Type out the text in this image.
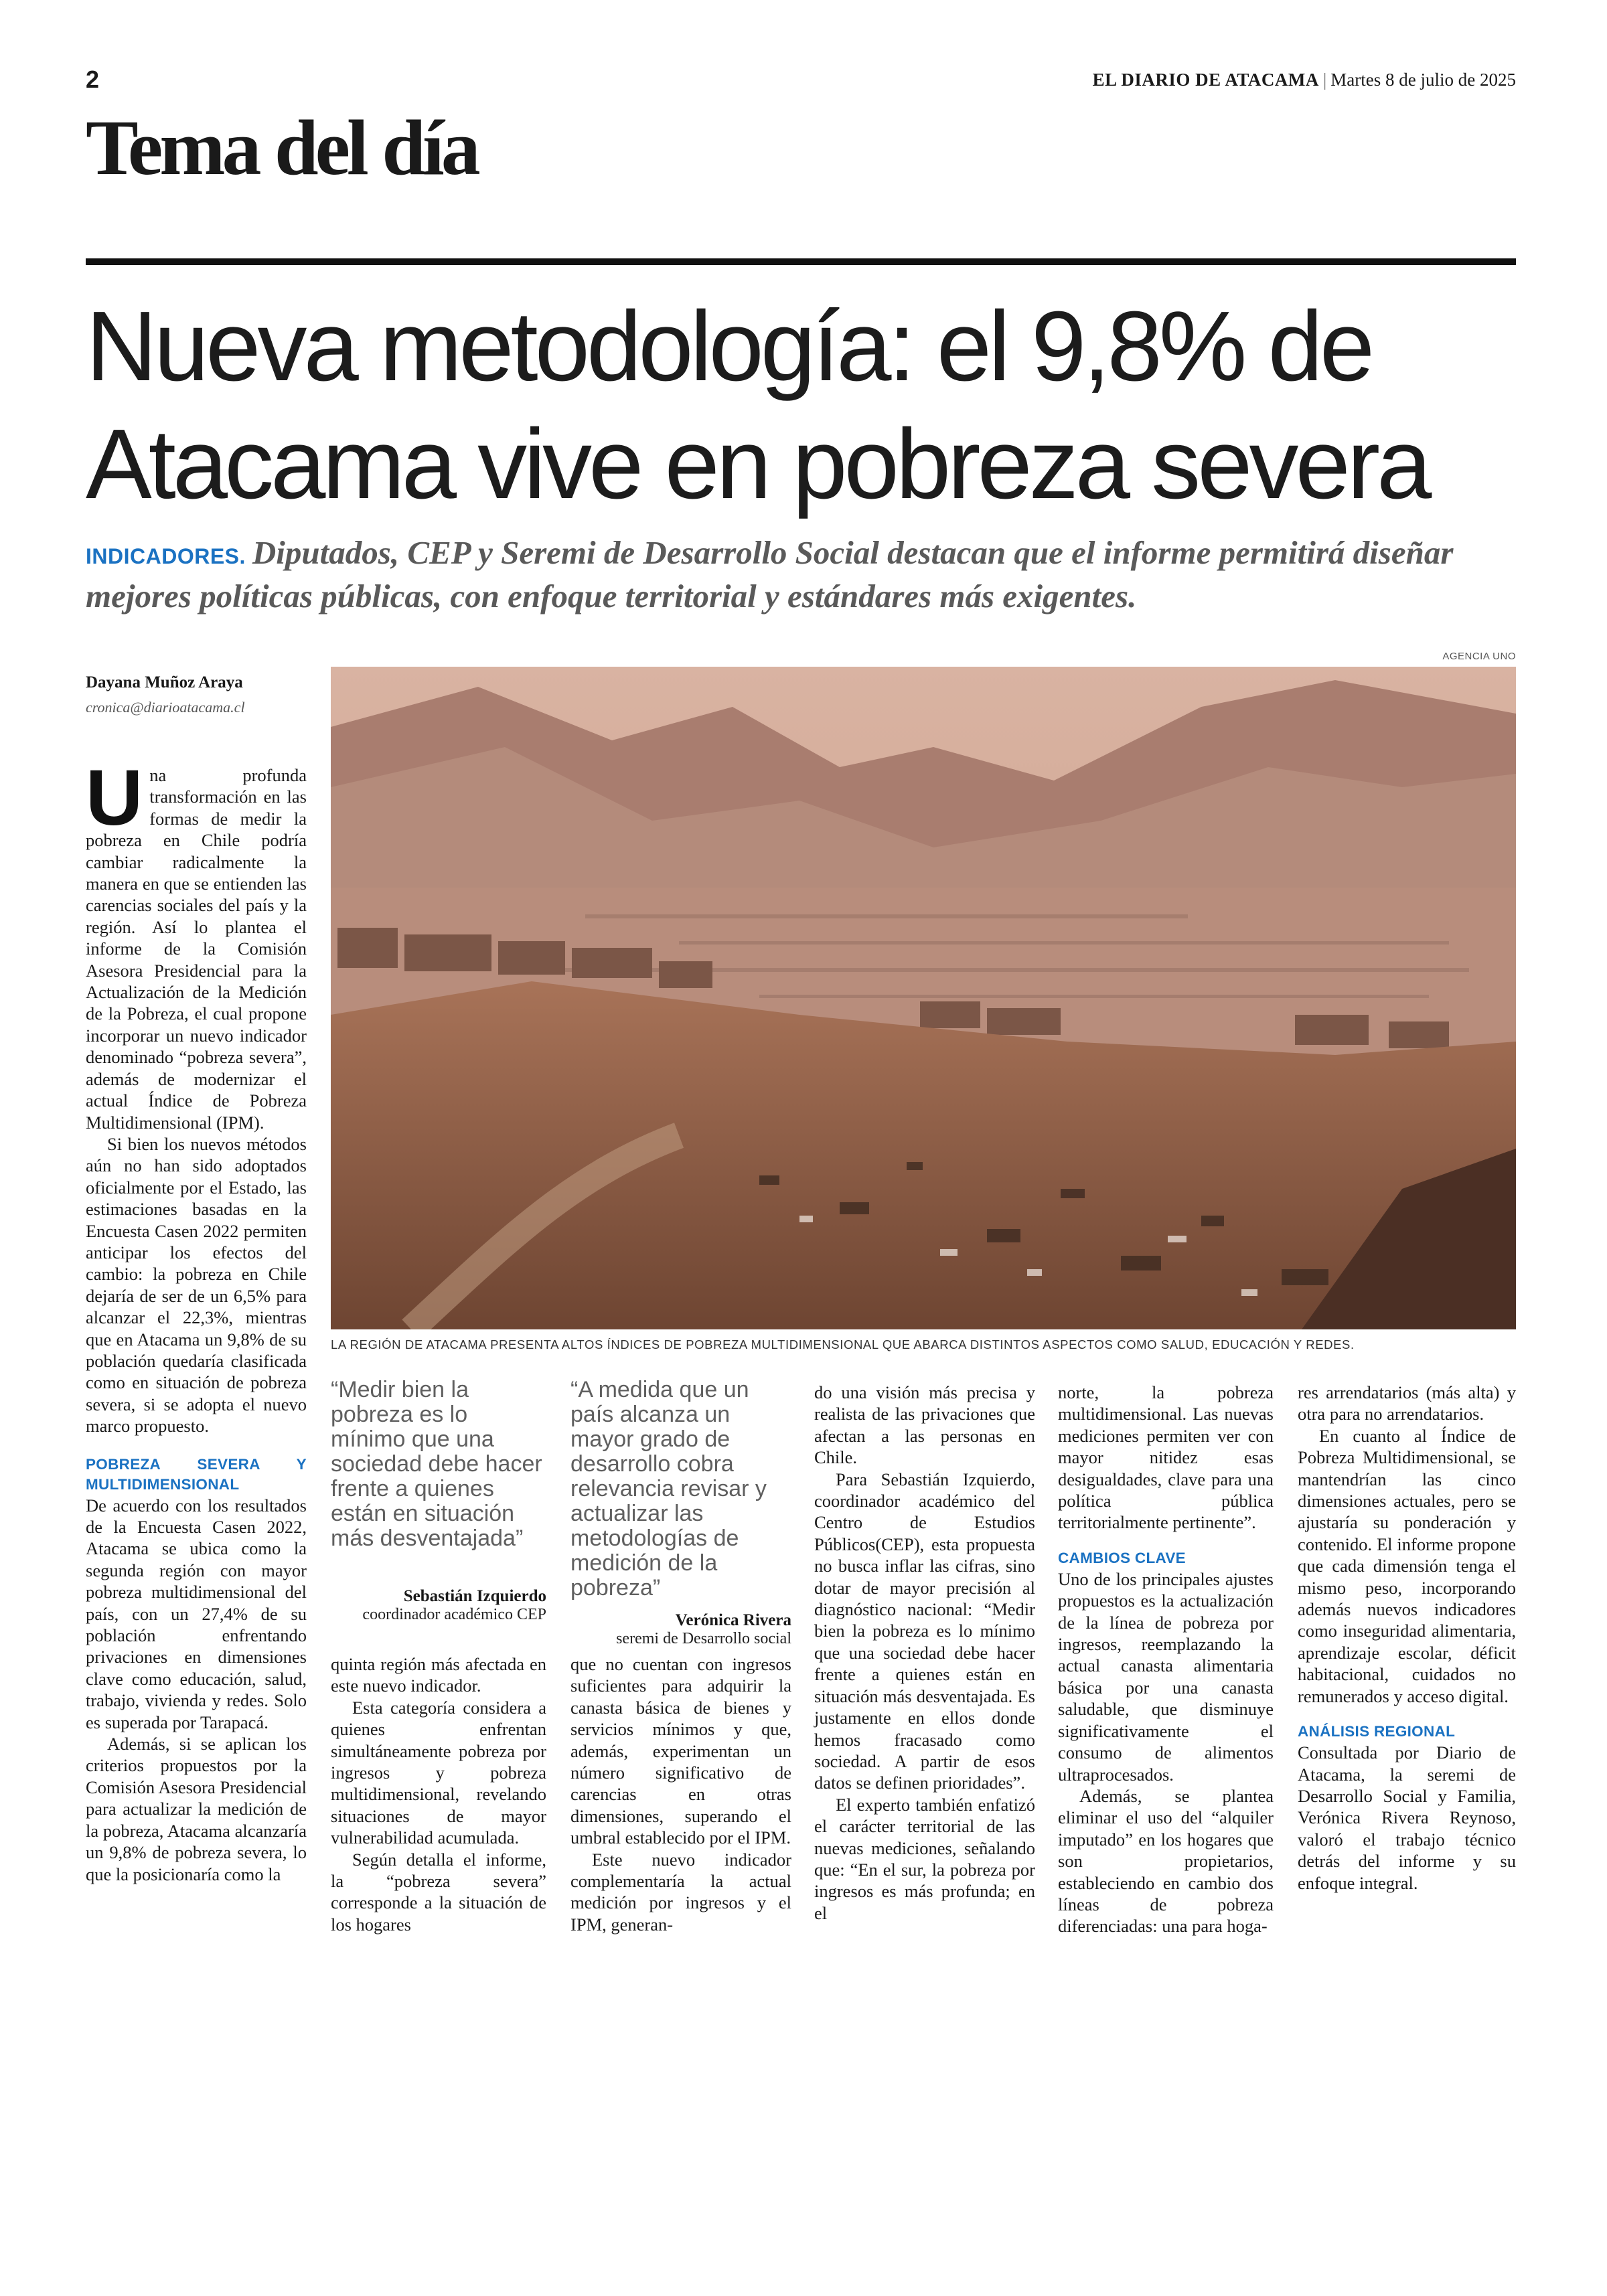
2	EL DIARIO DE ATACAMA | Martes 8 de julio de 2025
Tema del día
Nueva metodología: el 9,8% de Atacama vive en pobreza severa
INDICADORES. Diputados, CEP y Seremi de Desarrollo Social destacan que el informe permitirá diseñar mejores políticas públicas, con enfoque territorial y estándares más exigentes.
AGENCIA UNO
LA REGIÓN DE ATACAMA PRESENTA ALTOS ÍNDICES DE POBREZA MULTIDIMENSIONAL QUE ABARCA DISTINTOS ASPECTOS COMO SALUD, EDUCACIÓN Y REDES.
Dayana Muñoz Araya
cronica@diarioatacama.cl
U na profunda transformación en las formas de medir la pobreza en Chile podría cambiar radicalmente la manera en que se entienden las carencias sociales del país y la región. Así lo plantea el informe de la Comisión Asesora Presidencial para la Actualización de la Medición de la Pobreza, el cual propone incorporar un nuevo indicador denominado “pobreza severa”, además de modernizar el actual Índice de Pobreza Multidimensional (IPM).

Si bien los nuevos métodos aún no han sido adoptados oficialmente por el Estado, las estimaciones basadas en la Encuesta Casen 2022 permiten anticipar los efectos del cambio: la pobreza en Chile dejaría de ser de un 6,5% para alcanzar el 22,3%, mientras que en Atacama un 9,8% de su población quedaría clasificada como en situación de pobreza severa, si se adopta el nuevo marco propuesto.

POBREZA SEVERA Y MULTIDIMENSIONAL

De acuerdo con los resultados de la Encuesta Casen 2022, Atacama se ubica como la segunda región con mayor pobreza multidimensional del país, con un 27,4% de su población enfrentando privaciones en dimensiones clave como educación, salud, trabajo, vivienda y redes. Solo es superada por Tarapacá.

Además, si se aplican los criterios propuestos por la Comisión Asesora Presidencial para actualizar la medición de la pobreza, Atacama alcanzaría un 9,8% de pobreza severa, lo que la posicionaría como la

“Medir bien la pobreza es lo mínimo que una sociedad debe hacer frente a quienes están en situación más desventajada”
Sebastián Izquierdo
coordinador académico CEP
“A medida que un país alcanza un mayor grado de desarrollo cobra relevancia revisar y actualizar las metodologías de medición de la pobreza”
Verónica Rivera
seremi de Desarrollo social

quinta región más afectada en este nuevo indicador.

Esta categoría considera a quienes enfrentan simultáneamente pobreza por ingresos y pobreza multidimensional, revelando situaciones de mayor vulnerabilidad acumulada.

Según detalla el informe, la “pobreza severa” corresponde a la situación de los hogares

que no cuentan con ingresos suficientes para adquirir la canasta básica de bienes y servicios mínimos y que, además, experimentan un número significativo de carencias en otras dimensiones, superando el umbral establecido por el IPM.

Este nuevo indicador complementaría la actual medición por ingresos y el IPM, generan-

do una visión más precisa y realista de las privaciones que afectan a las personas en Chile.

Para Sebastián Izquierdo, coordinador académico del Centro de Estudios Públicos(CEP), esta propuesta no busca inflar las cifras, sino dotar de mayor precisión al diagnóstico nacional: “Medir bien la pobreza es lo mínimo que una sociedad debe hacer frente a quienes están en situación más desventajada. Es justamente en ellos donde hemos fracasado como sociedad. A partir de esos datos se definen prioridades”.

El experto también enfatizó el carácter territorial de las nuevas mediciones, señalando que: “En el sur, la pobreza por ingresos es más profunda; en el

norte, la pobreza multidimensional. Las nuevas mediciones permiten ver con mayor nitidez esas desigualdades, clave para una política pública territorialmente pertinente”.

CAMBIOS CLAVE

Uno de los principales ajustes propuestos es la actualización de la línea de pobreza por ingresos, reemplazando la actual canasta alimentaria básica por una canasta saludable, que disminuye significativamente el consumo de alimentos ultraprocesados.

Además, se plantea eliminar el uso del “alquiler imputado” en los hogares que son propietarios, estableciendo en cambio dos líneas de pobreza diferenciadas: una para hoga-

res arrendatarios (más alta) y otra para no arrendatarios.

En cuanto al Índice de Pobreza Multidimensional, se mantendrían las cinco dimensiones actuales, pero se ajustaría su ponderación y contenido. El informe propone que cada dimensión tenga el mismo peso, incorporando además nuevos indicadores como inseguridad alimentaria, aprendizaje escolar, déficit habitacional, cuidados no remunerados y acceso digital.

ANÁLISIS REGIONAL

Consultada por Diario de Atacama, la seremi de Desarrollo Social y Familia, Verónica Rivera Reynoso, valoró el trabajo técnico detrás del informe y su enfoque integral.
